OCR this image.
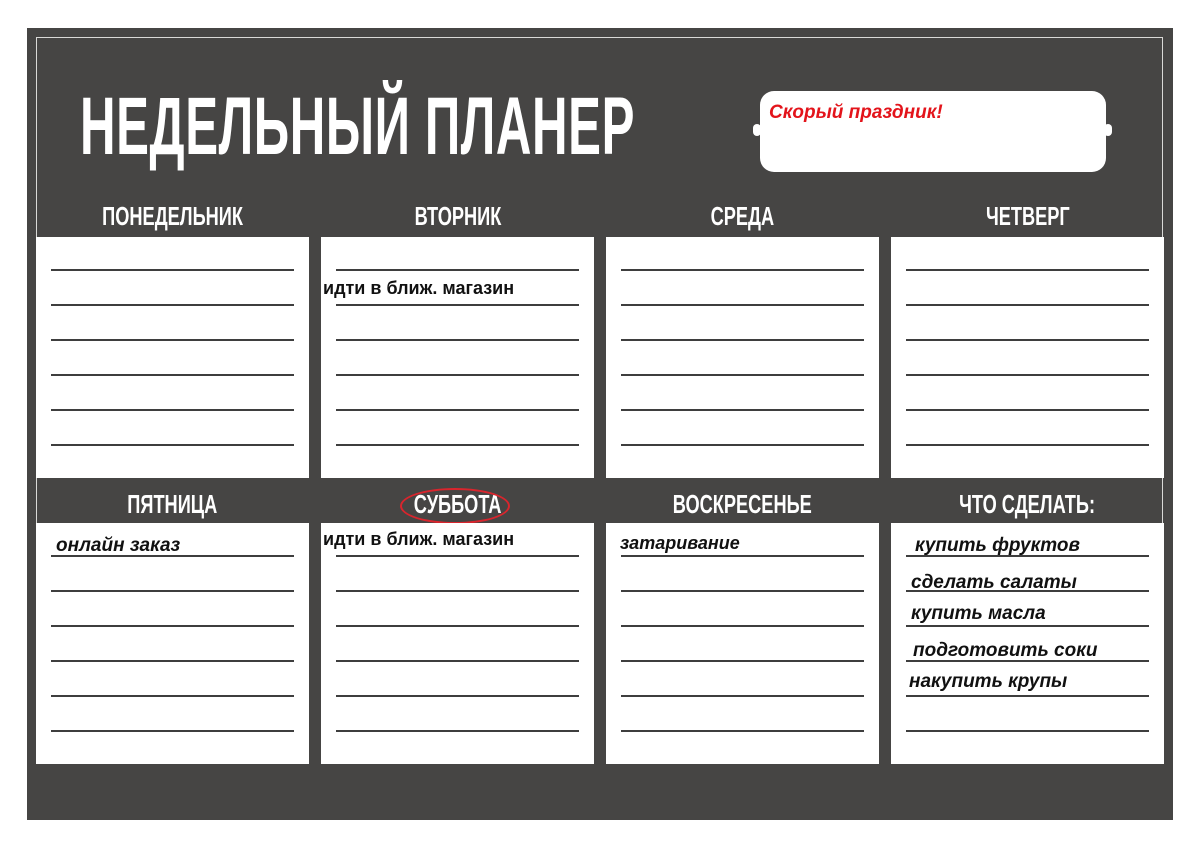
НЕДЕЛЬНЫЙ ПЛАНЕР	Скорый праздник!

ПОНЕДЕЛЬНИК	ВТОРНИК	СРЕДА	ЧЕТВЕРГ
ПЯТНИЦА	СУББОТА	ВОСКРЕСЕНЬЕ	ЧТО СДЕЛАТЬ:

идти в ближ. магазин

онлайн заказ	идти в ближ. магазин	затаривание	купить фруктов

сделать салаты

купить масла

подготовить соки

накупить крупы
